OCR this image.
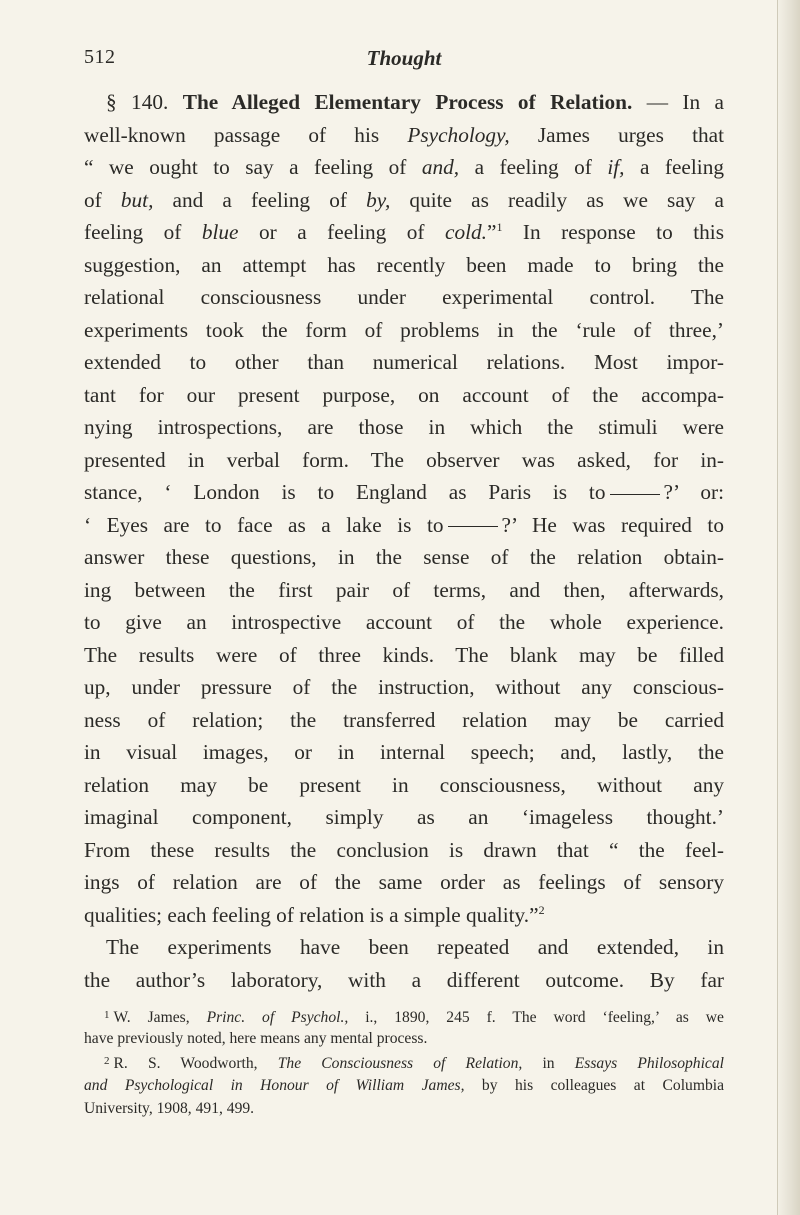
512	Thought
§ 140. The Alleged Elementary Process of Relation. — In a
well-known passage of his Psychology, James urges that
“ we ought to say a feeling of and, a feeling of if, a feeling
of but, and a feeling of by, quite as readily as we say a
feeling of blue or a feeling of cold.”$^1$ In response to this
suggestion, an attempt has recently been made to bring the
relational consciousness under experimental control. The
experiments took the form of problems in the ‘rule of three,’
extended to other than numerical relations. Most impor-
tant for our present purpose, on account of the accompa-
nying introspections, are those in which the stimuli were
presented in verbal form. The observer was asked, for in-
stance, ‘ London is to England as Paris is to	?’ or:
‘ Eyes are to face as a lake is to	?’ He was required to
answer these questions, in the sense of the relation obtain-
ing between the first pair of terms, and then, afterwards,
to give an introspective account of the whole experience.
The results were of three kinds. The blank may be filled
up, under pressure of the instruction, without any conscious-
ness of relation; the transferred relation may be carried
in visual images, or in internal speech; and, lastly, the
relation may be present in consciousness, without any
imaginal component, simply as an ‘imageless thought.’
From these results the conclusion is drawn that “ the feel-
ings of relation are of the same order as feelings of sensory
qualities; each feeling of relation is a simple quality.”$^2$
The experiments have been repeated and extended, in
the author’s laboratory, with a different outcome. By far
$^1$ W. James, Princ. of Psychol., i., 1890, 245 f. The word ‘feeling,’ as we
have previously noted, here means any mental process.
$^2$ R. S. Woodworth, The Consciousness of Relation, in Essays Philosophical
and Psychological in Honour of William James, by his colleagues at Columbia
University, 1908, 491, 499.
